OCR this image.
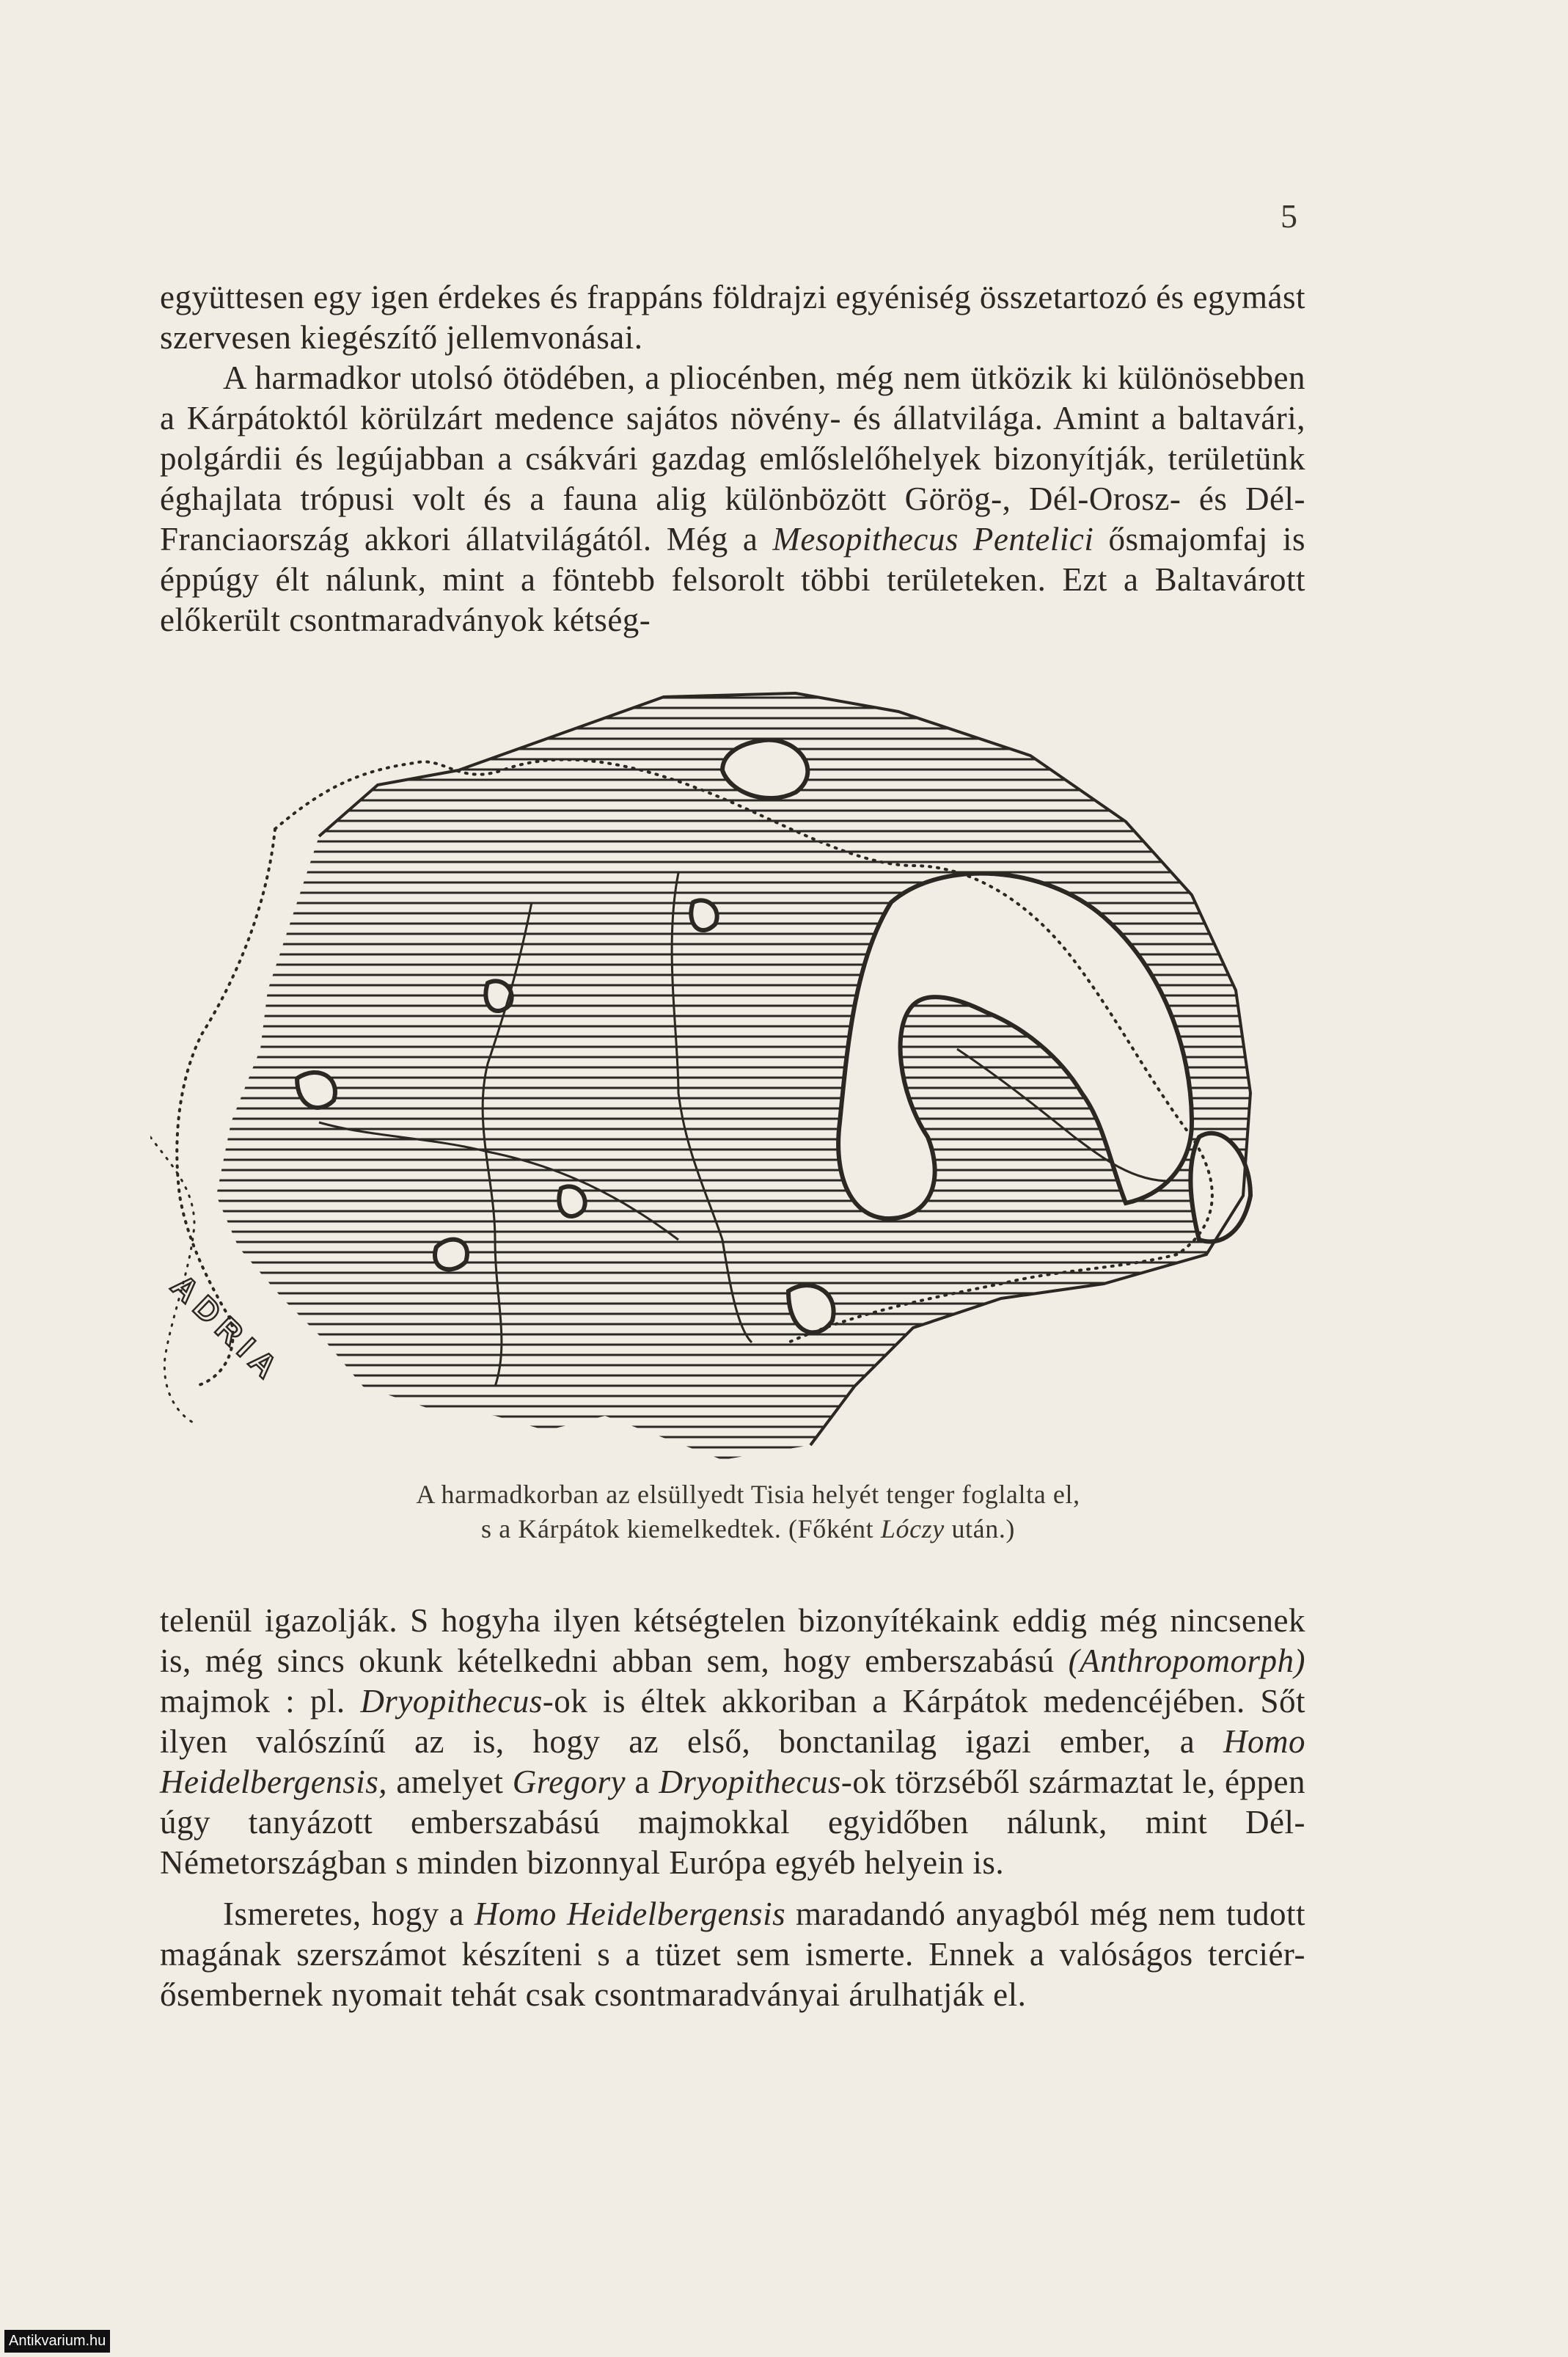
5

együttesen egy igen érdekes és frappáns földrajzi egyéniség összetartozó és egymást szervesen kiegészítő jellemvonásai.

A harmadkor utolsó ötödében, a pliocénben, még nem ütközik ki különösebben a Kárpátoktól körülzárt medence sajátos növény- és állatvilága. Amint a baltavári, polgárdii és legújabban a csákvári gazdag emlőslelőhelyek bizonyítják, területünk éghajlata trópusi volt és a fauna alig különbözött Görög-, Dél-Orosz- és Dél-Franciaország akkori állatvilágától. Még a Mesopithecus Pentelici ősmajomfaj is éppúgy élt nálunk, mint a föntebb felsorolt többi területeken. Ezt a Baltavárott előkerült csontmaradványok kétség-

ADRIA
A harmadkorban az elsüllyedt Tisia helyét tenger foglalta el,
s a Kárpátok kiemelkedtek. (Főként Lóczy után.)

telenül igazolják. S hogyha ilyen kétségtelen bizonyítékaink eddig még nincsenek is, még sincs okunk kételkedni abban sem, hogy emberszabású (Anthropomorph) majmok : pl. Dryopithecus-ok is éltek akkoriban a Kárpátok medencéjében. Sőt ilyen valószínű az is, hogy az első, bonctanilag igazi ember, a Homo Heidelbergensis, amelyet Gregory a Dryopithecus-ok törzséből származtat le, éppen úgy tanyázott emberszabású majmokkal egyidőben nálunk, mint Dél-Németországban s minden bizonnyal Európa egyéb helyein is.

Ismeretes, hogy a Homo Heidelbergensis maradandó anyagból még nem tudott magának szerszámot készíteni s a tüzet sem ismerte. Ennek a valóságos terciér-ősembernek nyomait tehát csak csontmaradványai árulhatják el.

Antikvarium.hu
